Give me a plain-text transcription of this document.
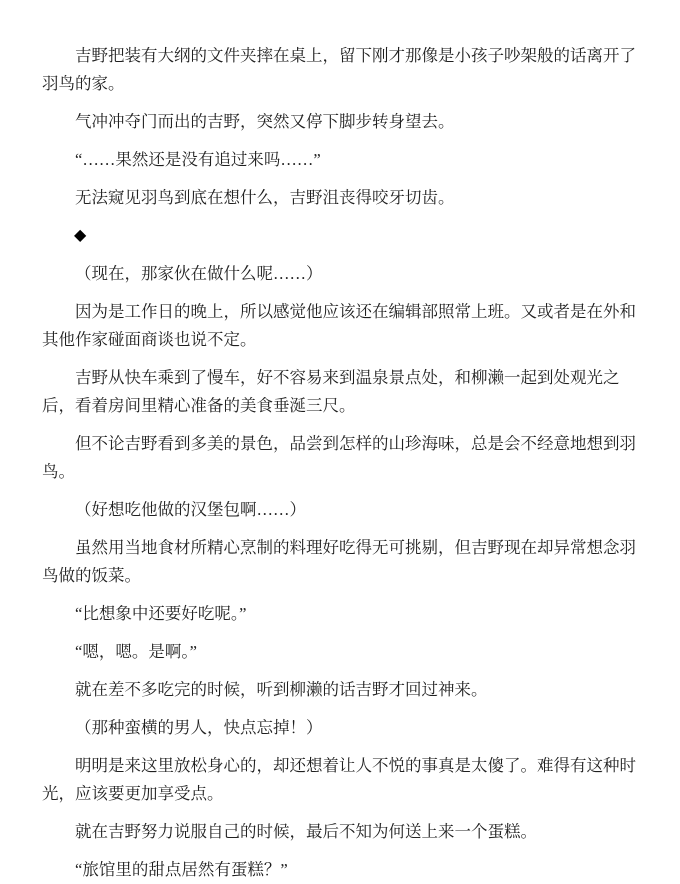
吉野把装有大纲的文件夹摔在桌上，留下刚才那像是小孩子吵架般的话离开了羽鸟的家。

气冲冲夺门而出的吉野，突然又停下脚步转身望去。

“……果然还是没有追过来吗……”

无法窥见羽鸟到底在想什么，吉野沮丧得咬牙切齿。

◆

（现在，那家伙在做什么呢……）

因为是工作日的晚上，所以感觉他应该还在编辑部照常上班。又或者是在外和其他作家碰面商谈也说不定。

吉野从快车乘到了慢车，好不容易来到温泉景点处，和柳濑一起到处观光之后，看着房间里精心准备的美食垂涎三尺。

但不论吉野看到多美的景色，品尝到怎样的山珍海味，总是会不经意地想到羽鸟。

（好想吃他做的汉堡包啊……）

虽然用当地食材所精心烹制的料理好吃得无可挑剔，但吉野现在却异常想念羽鸟做的饭菜。

“比想象中还要好吃呢。”

“嗯，嗯。是啊。”

就在差不多吃完的时候，听到柳濑的话吉野才回过神来。

（那种蛮横的男人，快点忘掉！）

明明是来这里放松身心的，却还想着让人不悦的事真是太傻了。难得有这种时光，应该要更加享受点。

就在吉野努力说服自己的时候，最后不知为何送上来一个蛋糕。

“旅馆里的甜点居然有蛋糕？”
